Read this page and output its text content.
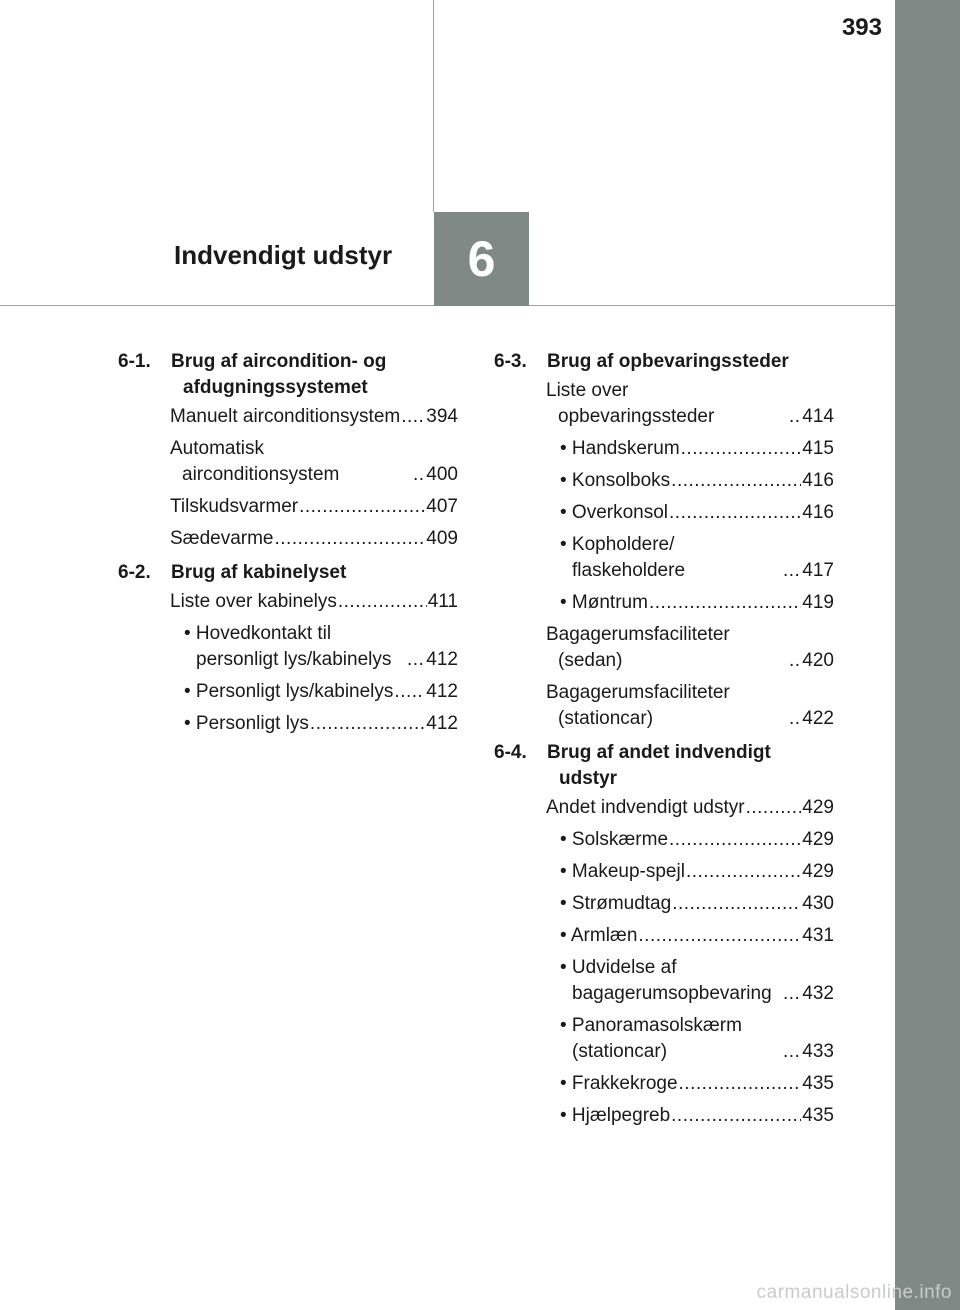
393
6
Indvendigt udstyr
6-1.	Brug af aircondition- og afdugningssystemet
Manuelt airconditionsystem ..... 394
Automatisk airconditionsystem .....	400
Tilskudsvarmer .....	407
Sædevarme .....	409
6-2.	Brug af kabinelyset
Liste over kabinelys .....	411
• Hovedkontakt til personligt lys/kabinelys .....	412
• Personligt lys/kabinelys ..... 412
• Personligt lys .....	412
6-3.	Brug af opbevaringssteder
Liste over opbevaringssteder .....	414
• Handskerum .....	415
• Konsolboks .....	416
• Overkonsol .....	416
• Kopholdere/ flaskeholdere .....	417
• Møntrum .....	419
Bagagerumsfaciliteter (sedan) .....	420
Bagagerumsfaciliteter (stationcar) .....	422
6-4.	Brug af andet indvendigt udstyr
Andet indvendigt udstyr .....	429
• Solskærme .....	429
• Makeup-spejl .....	429
• Strømudtag .....	430
• Armlæn .....	431
• Udvidelse af bagagerumsopbevaring .....	432
• Panoramasolskærm (stationcar) .....	433
• Frakkekroge .....	435
• Hjælpegreb .....	435
carmanualsonline.info
